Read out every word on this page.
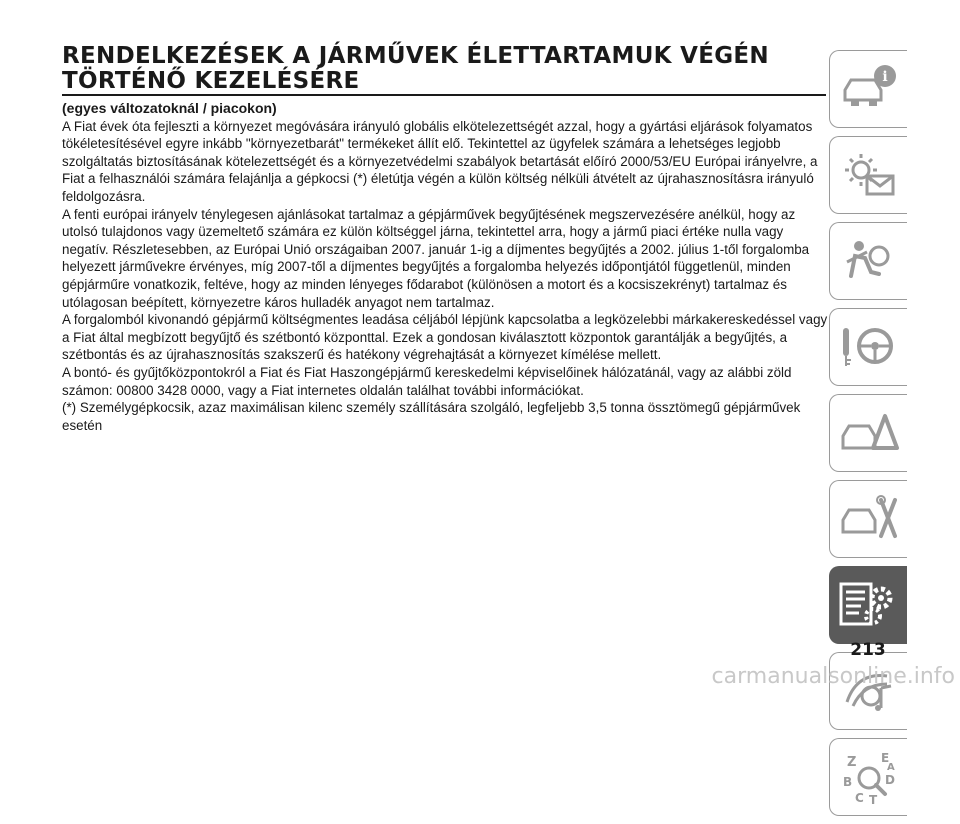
RENDELKEZÉSEK A JÁRMŰVEK ÉLETTARTAMUK VÉGÉN TÖRTÉNŐ KEZELÉSÉRE

(egyes változatoknál / piacokon)

A Fiat évek óta fejleszti a környezet megóvására irányuló globális elkötelezettségét azzal, hogy a gyártási eljárások folyamatos tökéletesítésével egyre inkább "környezetbarát" termékeket állít elő. Tekintettel az ügyfelek számára a lehetséges legjobb szolgáltatás biztosításának kötelezettségét és a környezetvédelmi szabályok betartását előíró 2000/53/EU Európai irányelvre, a Fiat a felhasználói számára felajánlja a gépkocsi (*) életútja végén a külön költség nélküli átvételt az újrahasznosításra irányuló feldolgozásra.

A fenti európai irányelv ténylegesen ajánlásokat tartalmaz a gépjárművek begyűjtésének megszervezésére anélkül, hogy az utolsó tulajdonos vagy üzemeltető számára ez külön költséggel járna, tekintettel arra, hogy a jármű piaci értéke nulla vagy negatív. Részletesebben, az Európai Unió országaiban 2007. január 1-ig a díjmentes begyűjtés a 2002. július 1-től forgalomba helyezett járművekre érvényes, míg 2007-től a díjmentes begyűjtés a forgalomba helyezés időpontjától függetlenül, minden gépjárműre vonatkozik, feltéve, hogy az minden lényeges fődarabot (különösen a motort és a kocsiszekrényt) tartalmaz és utólagosan beépített, környezetre káros hulladék anyagot nem tartalmaz.

A forgalomból kivonandó gépjármű költségmentes leadása céljából lépjünk kapcsolatba a legközelebbi márkakereskedéssel vagy a Fiat által megbízott begyűjtő és szétbontó központtal. Ezek a gondosan kiválasztott központok garantálják a begyűjtés, a szétbontás és az újrahasznosítás szakszerű és hatékony végrehajtását a környezet kímélése mellett.

A bontó- és gyűjtőközpontokról a Fiat és Fiat Haszongépjármű kereskedelmi képviselőinek hálózatánál, vagy az alábbi zöld számon: 00800 3428 0000, vagy a Fiat internetes oldalán találhat további információkat.

(*) Személygépkocsik, azaz maximálisan kilenc személy szállítására szolgáló, legfeljebb 3,5 tonna össztömegű gépjárművek esetén

i
Z E
B
C T
D
A
213
carmanualsonline.info
